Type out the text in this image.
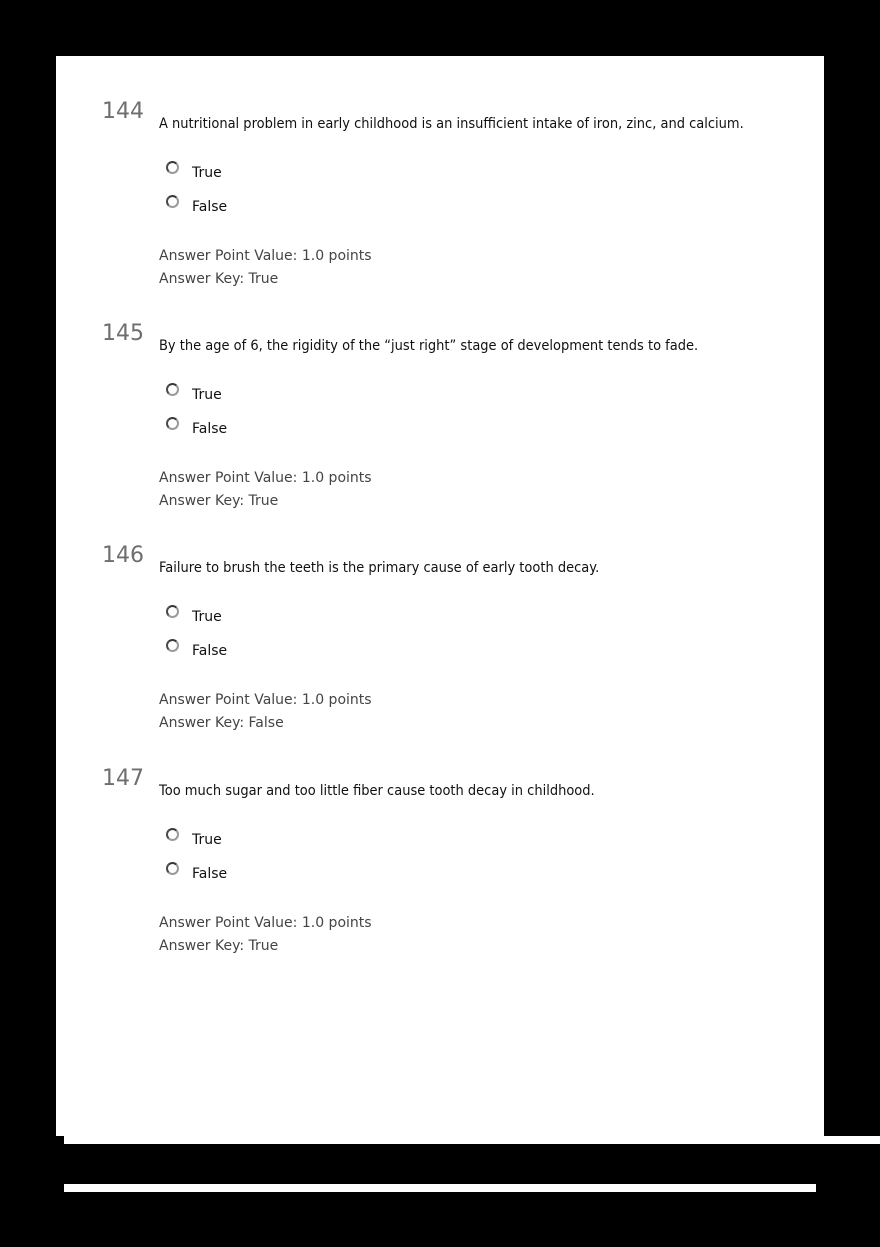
144 A nutritional problem in early childhood is an insufficient intake of iron, zinc, and calcium.
True
False
Answer Point Value: 1.0 points
Answer Key: True
145 By the age of 6, the rigidity of the “just right” stage of development tends to fade.
True
False
Answer Point Value: 1.0 points
Answer Key: True
146 Failure to brush the teeth is the primary cause of early tooth decay.
True
False
Answer Point Value: 1.0 points
Answer Key: False
147 Too much sugar and too little fiber cause tooth decay in childhood.
True
False
Answer Point Value: 1.0 points
Answer Key: True
